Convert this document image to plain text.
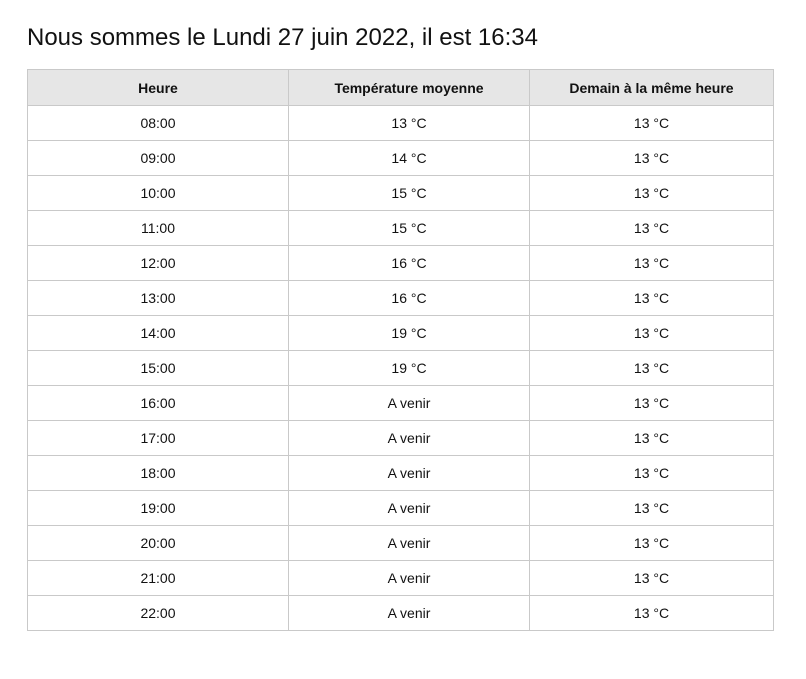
Nous sommes le Lundi 27 juin 2022, il est 16:34
Heure	Température moyenne	Demain à la même heure
08:00	13 °C	13 °C
09:00	14 °C	13 °C
10:00	15 °C	13 °C
11:00	15 °C	13 °C
12:00	16 °C	13 °C
13:00	16 °C	13 °C
14:00	19 °C	13 °C
15:00	19 °C	13 °C
16:00	A venir	13 °C
17:00	A venir	13 °C
18:00	A venir	13 °C
19:00	A venir	13 °C
20:00	A venir	13 °C
21:00	A venir	13 °C
22:00	A venir	13 °C
